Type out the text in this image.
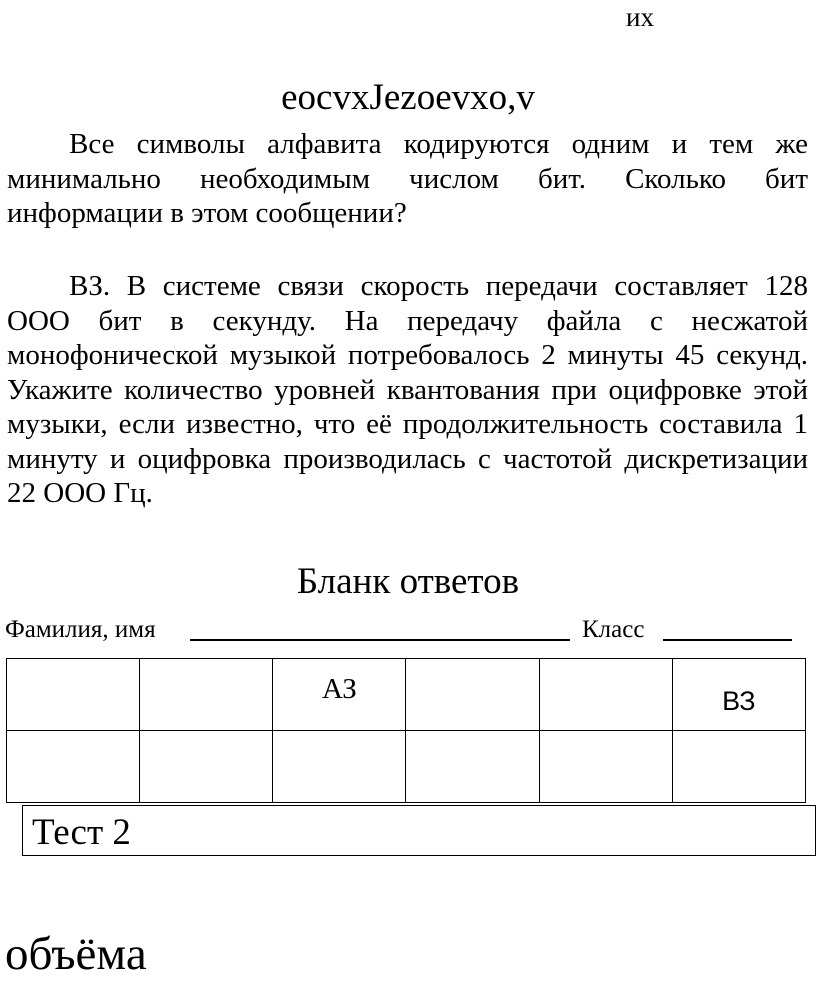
их
eocvxJezoevxo,v

Все символы алфавита кодируются одним и тем же минимально необходимым числом бит. Сколько бит информации в этом сообщении?

ВЗ. В системе связи скорость передачи составляет 128 ООО бит в секунду. На передачу файла с несжатой монофонической музыкой потребовалось 2 минуты 45 секунд. Укажите количество уровней квантования при оцифровке этой музыки, если известно, что её продолжительность составила 1 минуту и оцифровка производилась с частотой дискретизации 22 ООО Гц.

Бланк ответов
Фамилия, имя	Класс
		АЗ			ВЗ

Тест 2
объёма
